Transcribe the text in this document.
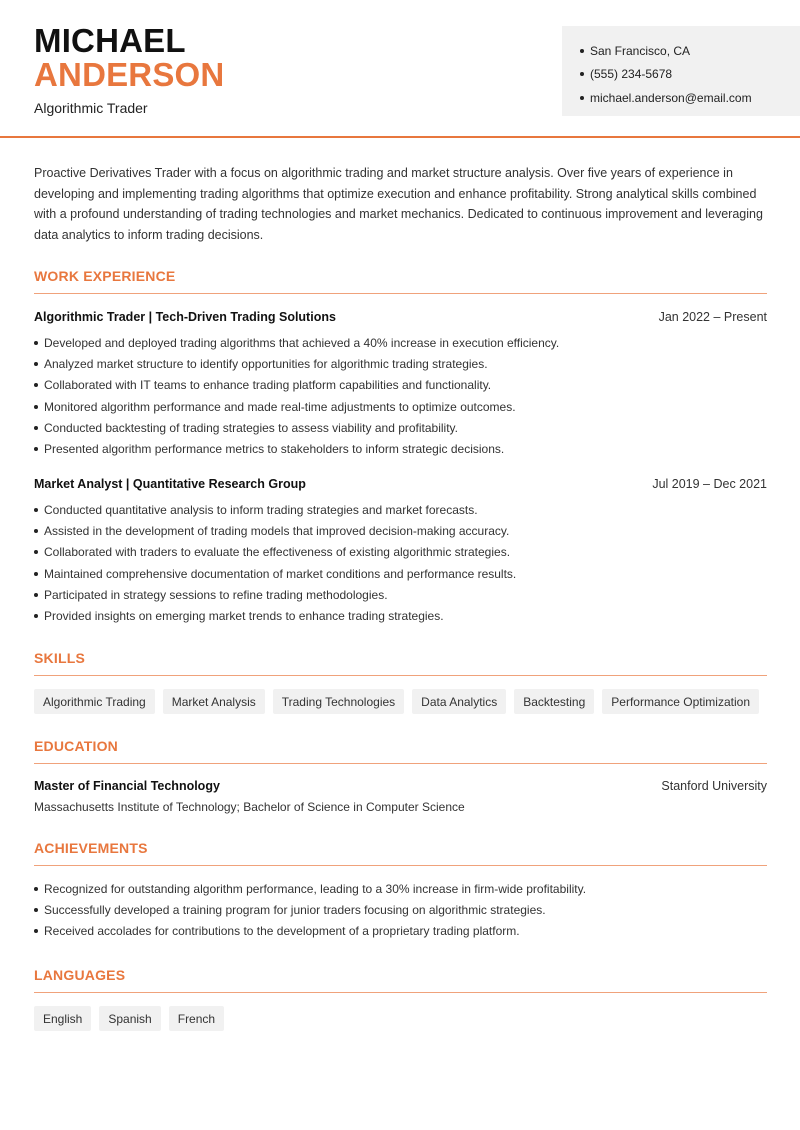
MICHAEL
ANDERSON
Algorithmic Trader
San Francisco, CA
(555) 234-5678
michael.anderson@email.com

Proactive Derivatives Trader with a focus on algorithmic trading and market structure analysis. Over five years of experience in developing and implementing trading algorithms that optimize execution and enhance profitability. Strong analytical skills combined with a profound understanding of trading technologies and market mechanics. Dedicated to continuous improvement and leveraging data analytics to inform trading decisions.

WORK EXPERIENCE
Algorithmic Trader | Tech-Driven Trading Solutions	Jan 2022 – Present
Developed and deployed trading algorithms that achieved a 40% increase in execution efficiency.
Analyzed market structure to identify opportunities for algorithmic trading strategies.
Collaborated with IT teams to enhance trading platform capabilities and functionality.
Monitored algorithm performance and made real-time adjustments to optimize outcomes.
Conducted backtesting of trading strategies to assess viability and profitability.
Presented algorithm performance metrics to stakeholders to inform strategic decisions.
Market Analyst | Quantitative Research Group	Jul 2019 – Dec 2021
Conducted quantitative analysis to inform trading strategies and market forecasts.
Assisted in the development of trading models that improved decision-making accuracy.
Collaborated with traders to evaluate the effectiveness of existing algorithmic strategies.
Maintained comprehensive documentation of market conditions and performance results.
Participated in strategy sessions to refine trading methodologies.
Provided insights on emerging market trends to enhance trading strategies.
SKILLS
Algorithmic Trading	Market Analysis	Trading Technologies	Data Analytics	Backtesting	Performance Optimization
EDUCATION
Master of Financial Technology	Stanford University
Massachusetts Institute of Technology; Bachelor of Science in Computer Science
ACHIEVEMENTS
Recognized for outstanding algorithm performance, leading to a 30% increase in firm-wide profitability.
Successfully developed a training program for junior traders focusing on algorithmic strategies.
Received accolades for contributions to the development of a proprietary trading platform.
LANGUAGES
English	Spanish	French
